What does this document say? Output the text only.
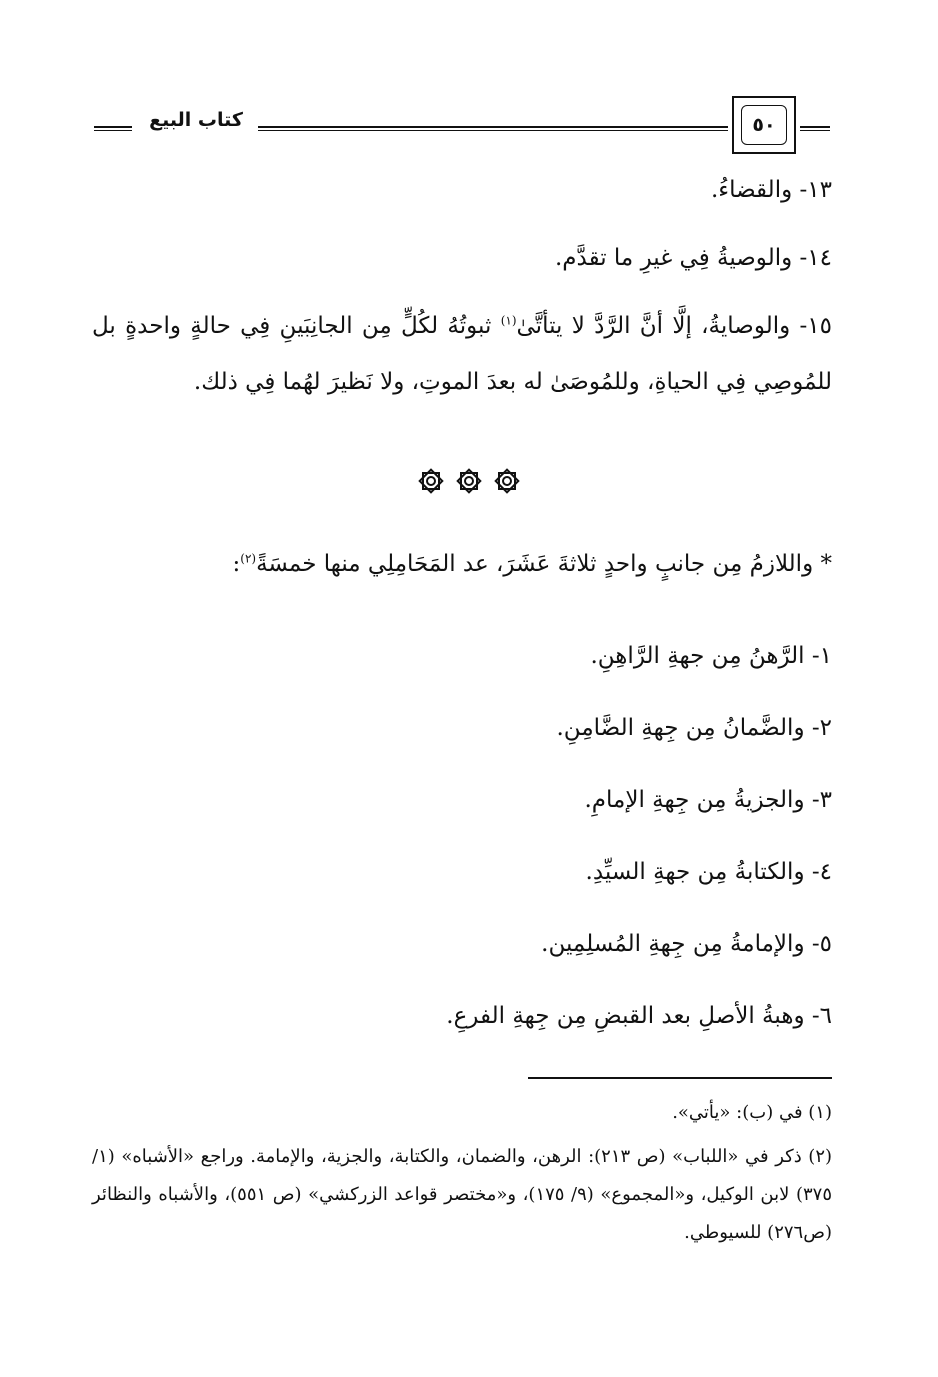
كتاب البيع	٥٠

١٣- والقضاءُ.

١٤- والوصيةُ فِي غيرِ ما تقدَّم.

١٥- والوصايةُ، إلَّا أنَّ الرَّدَّ لا يتأتَّىٰ$^{(١)}$ ثبوتُهُ لكُلٍّ مِن الجانِبَينِ فِي حالةٍ واحدةٍ بل للمُوصِي فِي الحياةِ، وللمُوصَىٰ له بعدَ الموتِ، ولا نَظيرَ لهُما فِي ذلك.

* واللازمُ مِن جانبٍ واحدٍ ثلاثةَ عَشَرَ، عد المَحَامِلِي منها خمسَةً$^{(٢)}$:

١- الرَّهنُ مِن جهةِ الرَّاهِنِ.

٢- والضَّمانُ مِن جِهةِ الضَّامِنِ.

٣- والجزيةُ مِن جِهةِ الإمامِ.

٤- والكتابةُ مِن جهةِ السيِّدِ.

٥- والإمامةُ مِن جِهةِ المُسلِمِين.

٦- وهبةُ الأصلِ بعد القبضِ مِن جِهةِ الفرعِ.

(١) في (ب): «يأتي».

(٢) ذكر في «اللباب» (ص ٢١٣): الرهن، والضمان، والكتابة، والجزية، والإمامة. وراجع «الأشباه» (١/ ٣٧٥) لابن الوكيل، و«المجموع» (٩/ ١٧٥)، و«مختصر قواعد الزركشي» (ص ٥٥١)، والأشباه والنظائر (ص٢٧٦) للسيوطي.
